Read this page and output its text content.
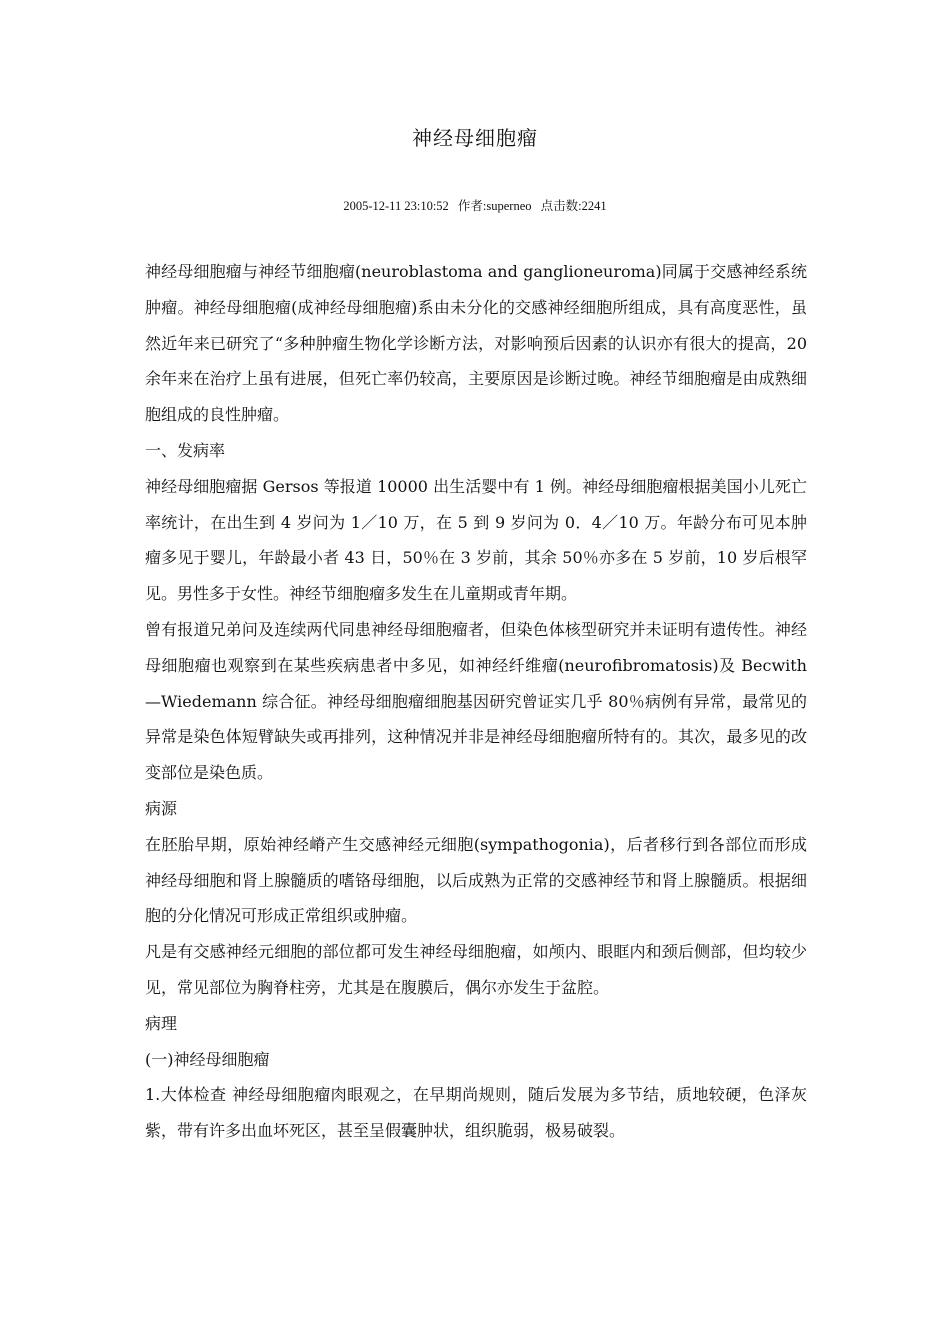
神经母细胞瘤
2005-12-11 23:10:52 作者:superneo 点击数:2241

神经母细胞瘤与神经节细胞瘤(neuroblastoma and ganglioneuroma)同属于交感神经系统肿瘤。神经母细胞瘤(成神经母细胞瘤)系由未分化的交感神经细胞所组成，具有高度恶性，虽然近年来已研究了“多种肿瘤生物化学诊断方法，对影响预后因素的认识亦有很大的提高，20 余年来在治疗上虽有进展，但死亡率仍较高，主要原因是诊断过晚。神经节细胞瘤是由成熟细胞组成的良性肿瘤。

一、发病率

神经母细胞瘤据 Gersos 等报道 10000 出生活婴中有 1 例。神经母细胞瘤根据美国小儿死亡率统计，在出生到 4 岁问为 1／10 万，在 5 到 9 岁问为 0．4／10 万。年龄分布可见本肿瘤多见于婴儿，年龄最小者 43 日，50％在 3 岁前，其余 50％亦多在 5 岁前，10 岁后根罕见。男性多于女性。神经节细胞瘤多发生在儿童期或青年期。

曾有报道兄弟问及连续两代同患神经母细胞瘤者，但染色体核型研究并未证明有遗传性。神经母细胞瘤也观察到在某些疾病患者中多见，如神经纤维瘤(neurofibromatosis)及 Becwith—Wiedemann 综合征。神经母细胞瘤细胞基因研究曾证实几乎 80％病例有异常，最常见的异常是染色体短臂缺失或再排列，这种情况并非是神经母细胞瘤所特有的。其次，最多见的改变部位是染色质。

病源

在胚胎早期，原始神经嵴产生交感神经元细胞(sympathogonia)，后者移行到各部位而形成神经母细胞和肾上腺髓质的嗜铬母细胞，以后成熟为正常的交感神经节和肾上腺髓质。根据细胞的分化情况可形成正常组织或肿瘤。

凡是有交感神经元细胞的部位都可发生神经母细胞瘤，如颅内、眼眶内和颈后侧部，但均较少见，常见部位为胸脊柱旁，尤其是在腹膜后，偶尔亦发生于盆腔。

病理

(一)神经母细胞瘤

1.大体检查 神经母细胞瘤肉眼观之，在早期尚规则，随后发展为多节结，质地较硬，色泽灰紫，带有许多出血坏死区，甚至呈假囊肿状，组织脆弱，极易破裂。
